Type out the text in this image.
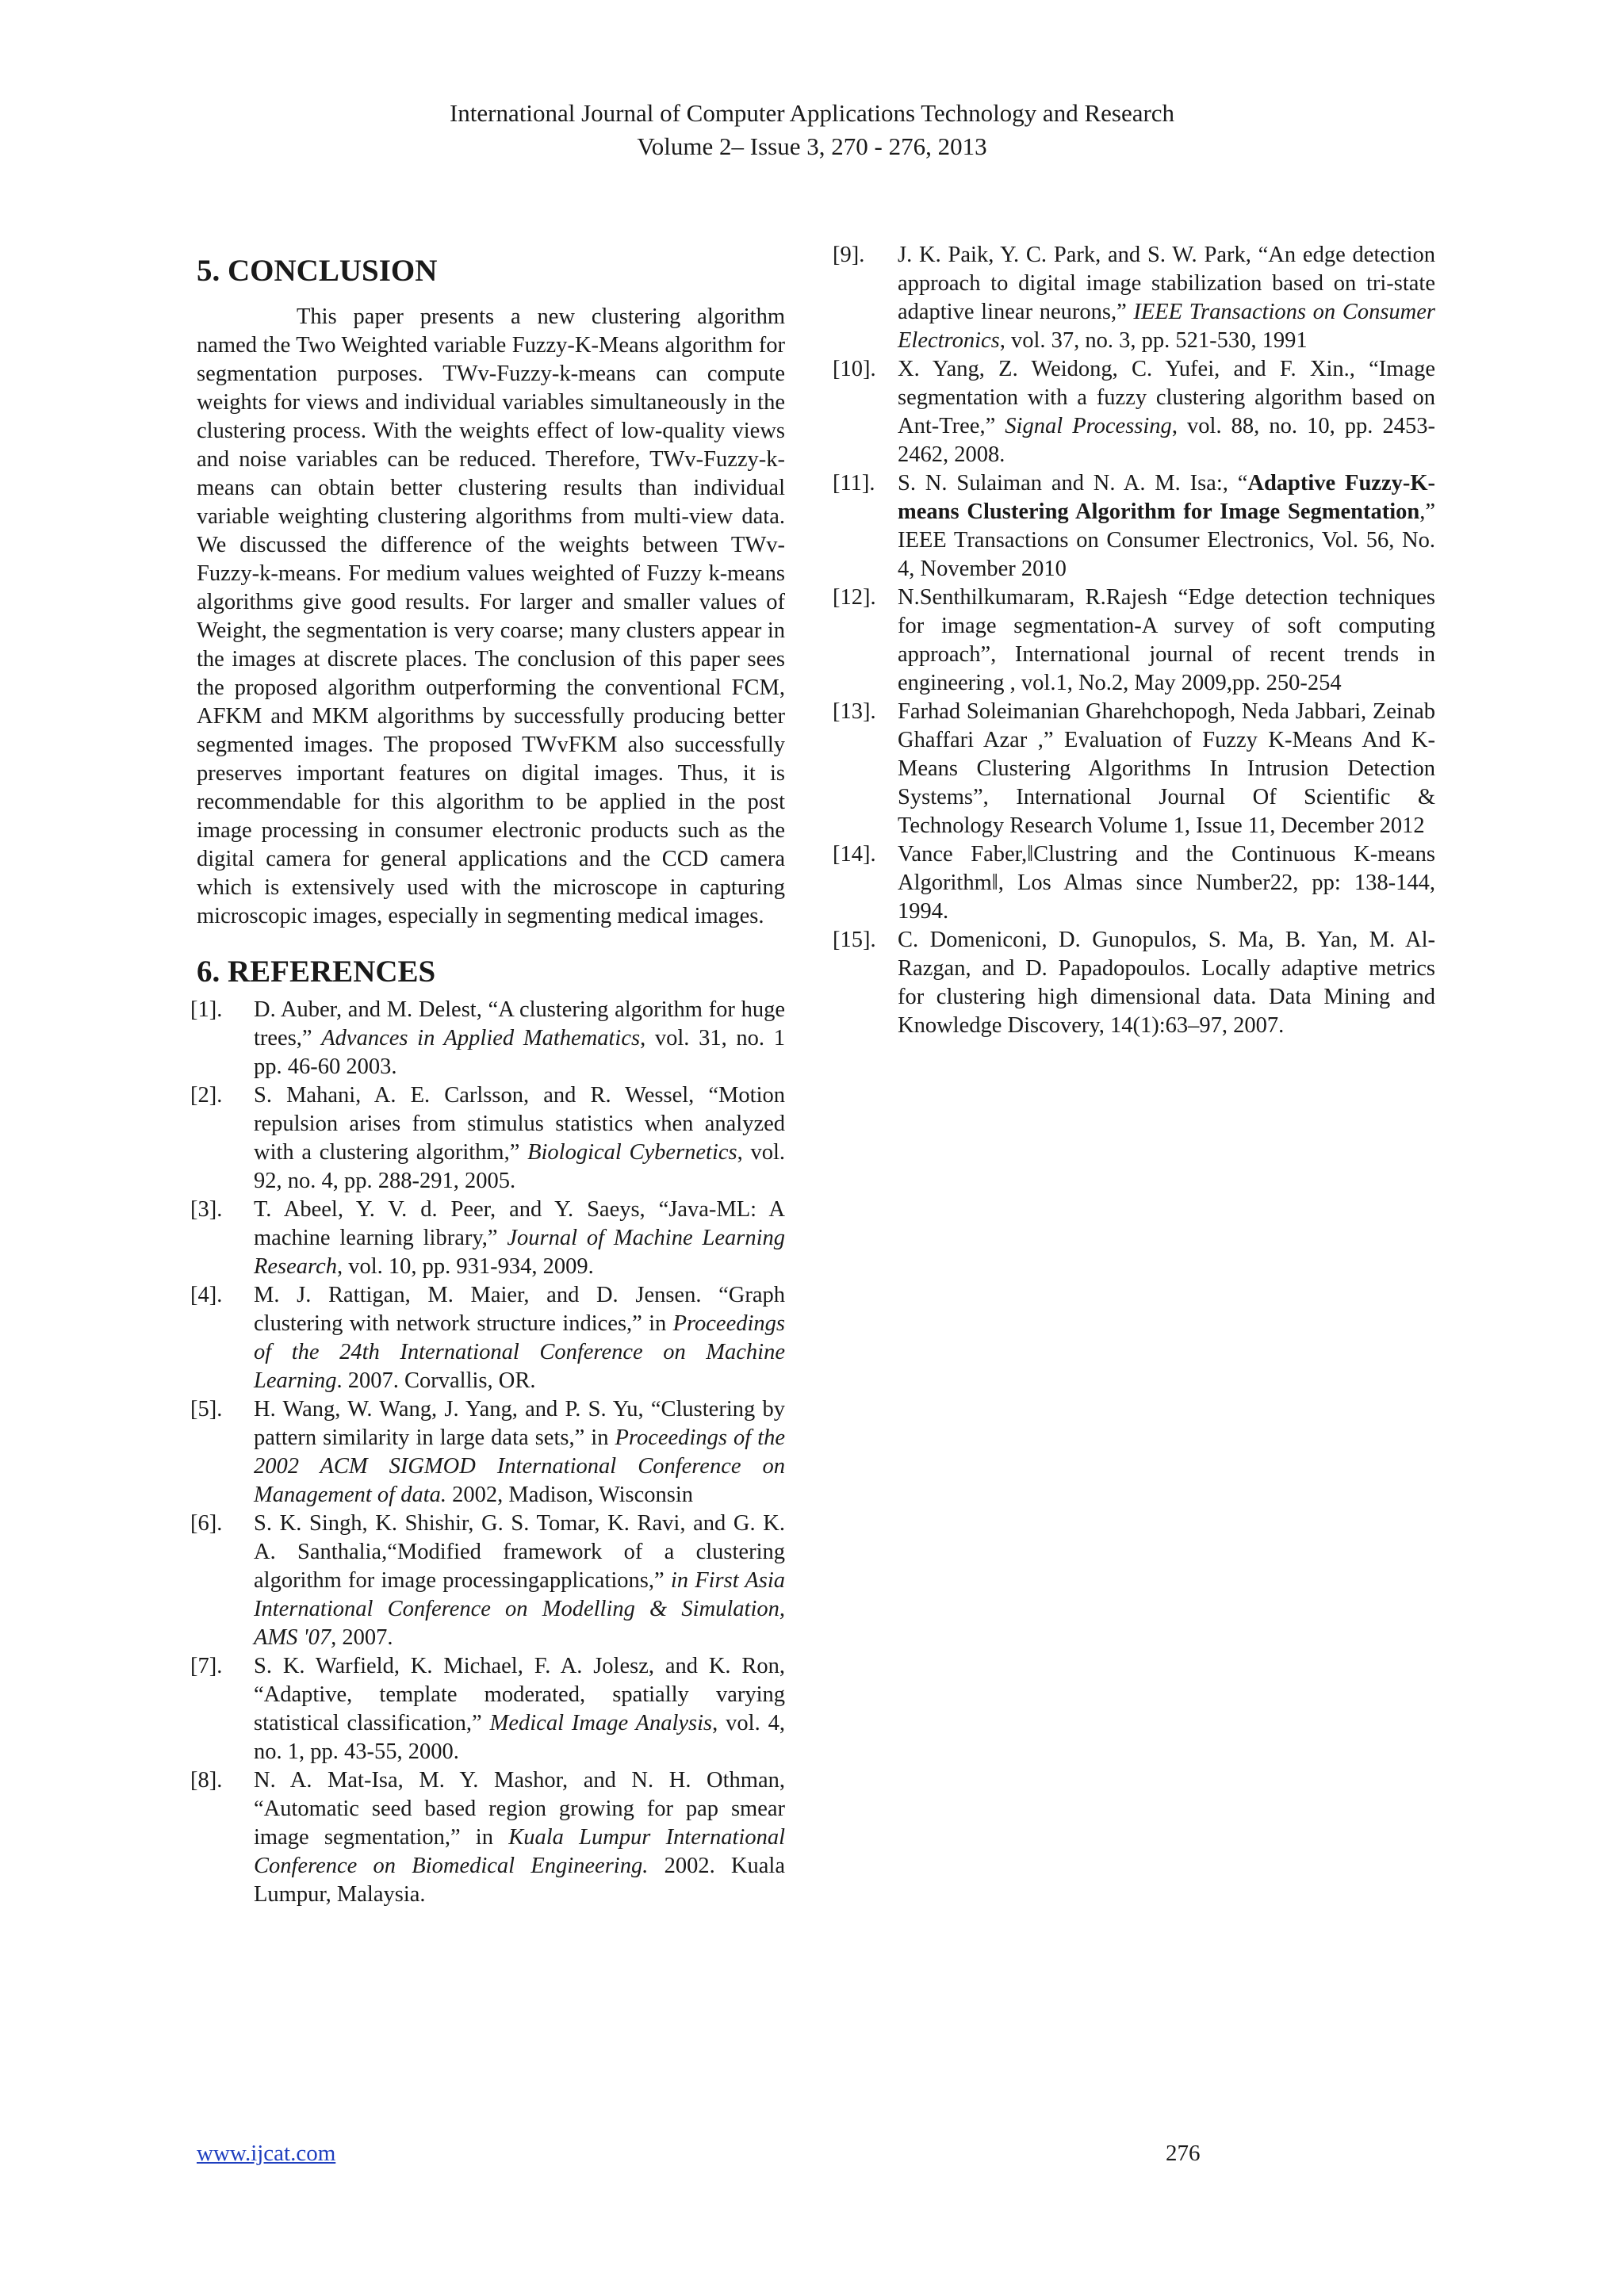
International Journal of Computer Applications Technology and Research
Volume 2– Issue 3, 270 - 276, 2013
5. CONCLUSION

This paper presents a new clustering algorithm named the Two Weighted variable Fuzzy-K-Means algorithm for segmentation purposes. TWv-Fuzzy-k-means can compute weights for views and individual variables simultaneously in the clustering process. With the weights effect of low-quality views and noise variables can be reduced. Therefore, TWv-Fuzzy-k-means can obtain better clustering results than individual variable weighting clustering algorithms from multi-view data. We discussed the difference of the weights between TWv-Fuzzy-k-means. For medium values weighted of Fuzzy k-means algorithms give good results. For larger and smaller values of Weight, the segmentation is very coarse; many clusters appear in the images at discrete places. The conclusion of this paper sees the proposed algorithm outperforming the conventional FCM, AFKM and MKM algorithms by successfully producing better segmented images. The proposed TWvFKM also successfully preserves important features on digital images. Thus, it is recommendable for this algorithm to be applied in the post image processing in consumer electronic products such as the digital camera for general applications and the CCD camera which is extensively used with the microscope in capturing microscopic images, especially in segmenting medical images.

6. REFERENCES
[1].	D. Auber, and M. Delest, “A clustering algorithm for huge trees,” Advances in Applied Mathematics, vol. 31, no. 1 pp. 46-60 2003.
[2].	S. Mahani, A. E. Carlsson, and R. Wessel, “Motion repulsion arises from stimulus statistics when analyzed with a clustering algorithm,” Biological Cybernetics, vol. 92, no. 4, pp. 288-291, 2005.
[3].	T. Abeel, Y. V. d. Peer, and Y. Saeys, “Java-ML: A machine learning library,” Journal of Machine Learning Research, vol. 10, pp. 931-934, 2009.
[4].	M. J. Rattigan, M. Maier, and D. Jensen. “Graph clustering with network structure indices,” in Proceedings of the 24th International Conference on Machine Learning. 2007. Corvallis, OR.
[5].	H. Wang, W. Wang, J. Yang, and P. S. Yu, “Clustering by pattern similarity in large data sets,” in Proceedings of the 2002 ACM SIGMOD International Conference on Management of data. 2002, Madison, Wisconsin
[6].	S. K. Singh, K. Shishir, G. S. Tomar, K. Ravi, and G. K. A. Santhalia,“Modified framework of a clustering algorithm for image processingapplications,” in First Asia International Conference on Modelling & Simulation, AMS '07, 2007.
[7].	S. K. Warfield, K. Michael, F. A. Jolesz, and K. Ron, “Adaptive, template moderated, spatially varying statistical classification,” Medical Image Analysis, vol. 4, no. 1, pp. 43-55, 2000.
[8].	N. A. Mat-Isa, M. Y. Mashor, and N. H. Othman, “Automatic seed based region growing for pap smear image segmentation,” in Kuala Lumpur International Conference on Biomedical Engineering. 2002. Kuala Lumpur, Malaysia.
[9].	J. K. Paik, Y. C. Park, and S. W. Park, “An edge detection approach to digital image stabilization based on tri-state adaptive linear neurons,” IEEE Transactions on Consumer Electronics, vol. 37, no. 3, pp. 521-530, 1991
[10]. X. Yang, Z. Weidong, C. Yufei, and F. Xin., “Image segmentation with a fuzzy clustering algorithm based on Ant-Tree,” Signal Processing, vol. 88, no. 10, pp. 2453-2462, 2008.
[11]. S. N. Sulaiman and N. A. M. Isa:, “Adaptive Fuzzy-K-means Clustering Algorithm for Image Segmentation,” IEEE Transactions on Consumer Electronics, Vol. 56, No. 4, November 2010
[12]. N.Senthilkumaram, R.Rajesh “Edge detection techniques for image segmentation-A survey of soft computing approach”, International journal of recent trends in engineering , vol.1, No.2, May 2009,pp. 250-254
[13]. Farhad Soleimanian Gharehchopogh, Neda Jabbari, Zeinab Ghaffari Azar ,” Evaluation of Fuzzy K-Means And K-Means Clustering Algorithms In Intrusion Detection Systems”, International Journal Of Scientific & Technology Research Volume 1, Issue 11, December 2012
[14]. Vance Faber,‖Clustring and the Continuous K-means Algorithm‖, Los Almas since Number22, pp: 138-144, 1994.
[15]. C. Domeniconi, D. Gunopulos, S. Ma, B. Yan, M. Al-Razgan, and D. Papadopoulos. Locally adaptive metrics for clustering high dimensional data. Data Mining and Knowledge Discovery, 14(1):63–97, 2007.
www.ijcat.com	276
